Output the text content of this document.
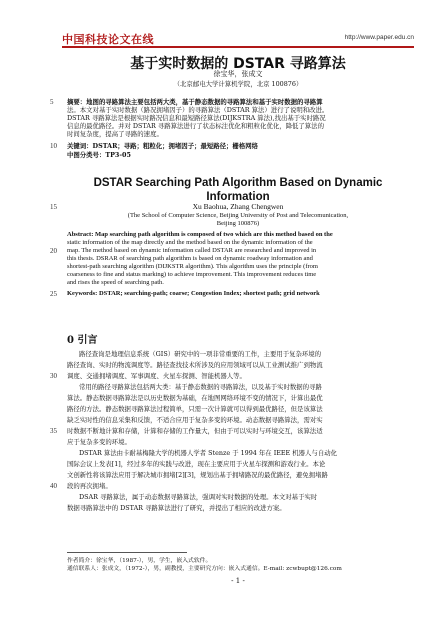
中国科技论文在线	http://www.paper.edu.cn
基于实时数据的 DSTAR 寻路算法
徐宝华，张成文
（北京邮电大学计算机学院，北京 100876）
5 摘要：地图的寻路算法主要包括两大类，基于静态数据的寻路算法和基于实时数据的寻路算
法。本文对基于实时数据（路况拥堵因子）的寻路算法（DSTAR 算法）进行了说明和改进。
DSTAR 寻路算法是根据实时路况信息和最短路径算法(DIJKSTRA 算法),找出基于实时路况
信息的最优路径。并对 DSTAR 寻路算法进行了状态标注优化和粗粒化优化，降低了算法的
时间复杂度，提高了寻路的速度。
10 关键词：DSTAR；寻路；粗粒化；拥堵因子；最短路径；栅格网络
中图分类号：TP3-05
DSTAR Searching Path Algorithm Based on Dynamic
Information
15	Xu Baohua, Zhang Chengwen
(The School of Computer Science, Beijing University of Post and Telecomunication,
Beijing 100876)
Abstract: Map searching path algorithm is composed of two which are this method based on the
static information of the map directly and the method based on the dynamic information of the
20 map. The method based on dynamic information called DSTAR are researched and improved in
this thesis. DSRAR of searching path algorithm is based on dynamic roadway information and
shortest-path searching algorithm (DIJKSTR algorithm). This algorithm uses the principle (from
coarseness to fine and status marking) to achieve improvement. This improvement reduces time
and rises the speed of searching path.
25 Keywords: DSTAR; searching-path; coarse; Congestion Index; shortest path; grid network
0 引言
路径查询是地理信息系统（GIS）研究中的一项非常重要的工作，主要用于复杂环境的
路径查询、实时的物流调度等。路径查找技术所涉及的应用领域可以从工业测试推广到物流
30 调度、交通拥堵调度、军事调度、火星车探测、智能机器人等。
常用的路径寻路算法包括两大类：基于静态数据的寻路算法，以及基于实时数据的寻路
算法。静态数据寻路算法是以历史数据为基础，在地图网络环境不变的情况下，计算出最优
路径的方法。静态数据寻路算法过程简单，只需一次计算就可以得到最优路径，但是该算法
缺乏实时性的信息采集和反馈，不适合应用于复杂多变的环境。动态数据寻路算法，需对实
35 时数据不断地计算和存储，计算和存储的工作量大，但由于可以实时与环境交互，该算法适
应于复杂多变的环境。
DSTAR 算法由卡耐基梅隆大学的机器人学者 Stenze 于 1994 年在 IEEE 机器人与自动化
国际会议上发表[1]，经过多年的实践与改进，现在主要应用于火星车探测和游戏行业。本论
文创新性将该算法应用于解决城市拥堵[2][3]，规划出基于拥堵路况的最优路径，避免拥堵路
40 段的再次拥堵。
DSAR 寻路算法，属于动态数据寻路算法，强调对实时数据的处理。本文对基于实时
数据寻路算法中的 DSTAR 寻路算法进行了研究，并提出了相应的改进方案。
作者简介：徐宝华，（1987-），男，学生，嵌入式软件。
通信联系人：张成文，（1972-），男，副教授，主要研究方向：嵌入式通信。E-mail: zcwbupt@126.com
- 1 -
